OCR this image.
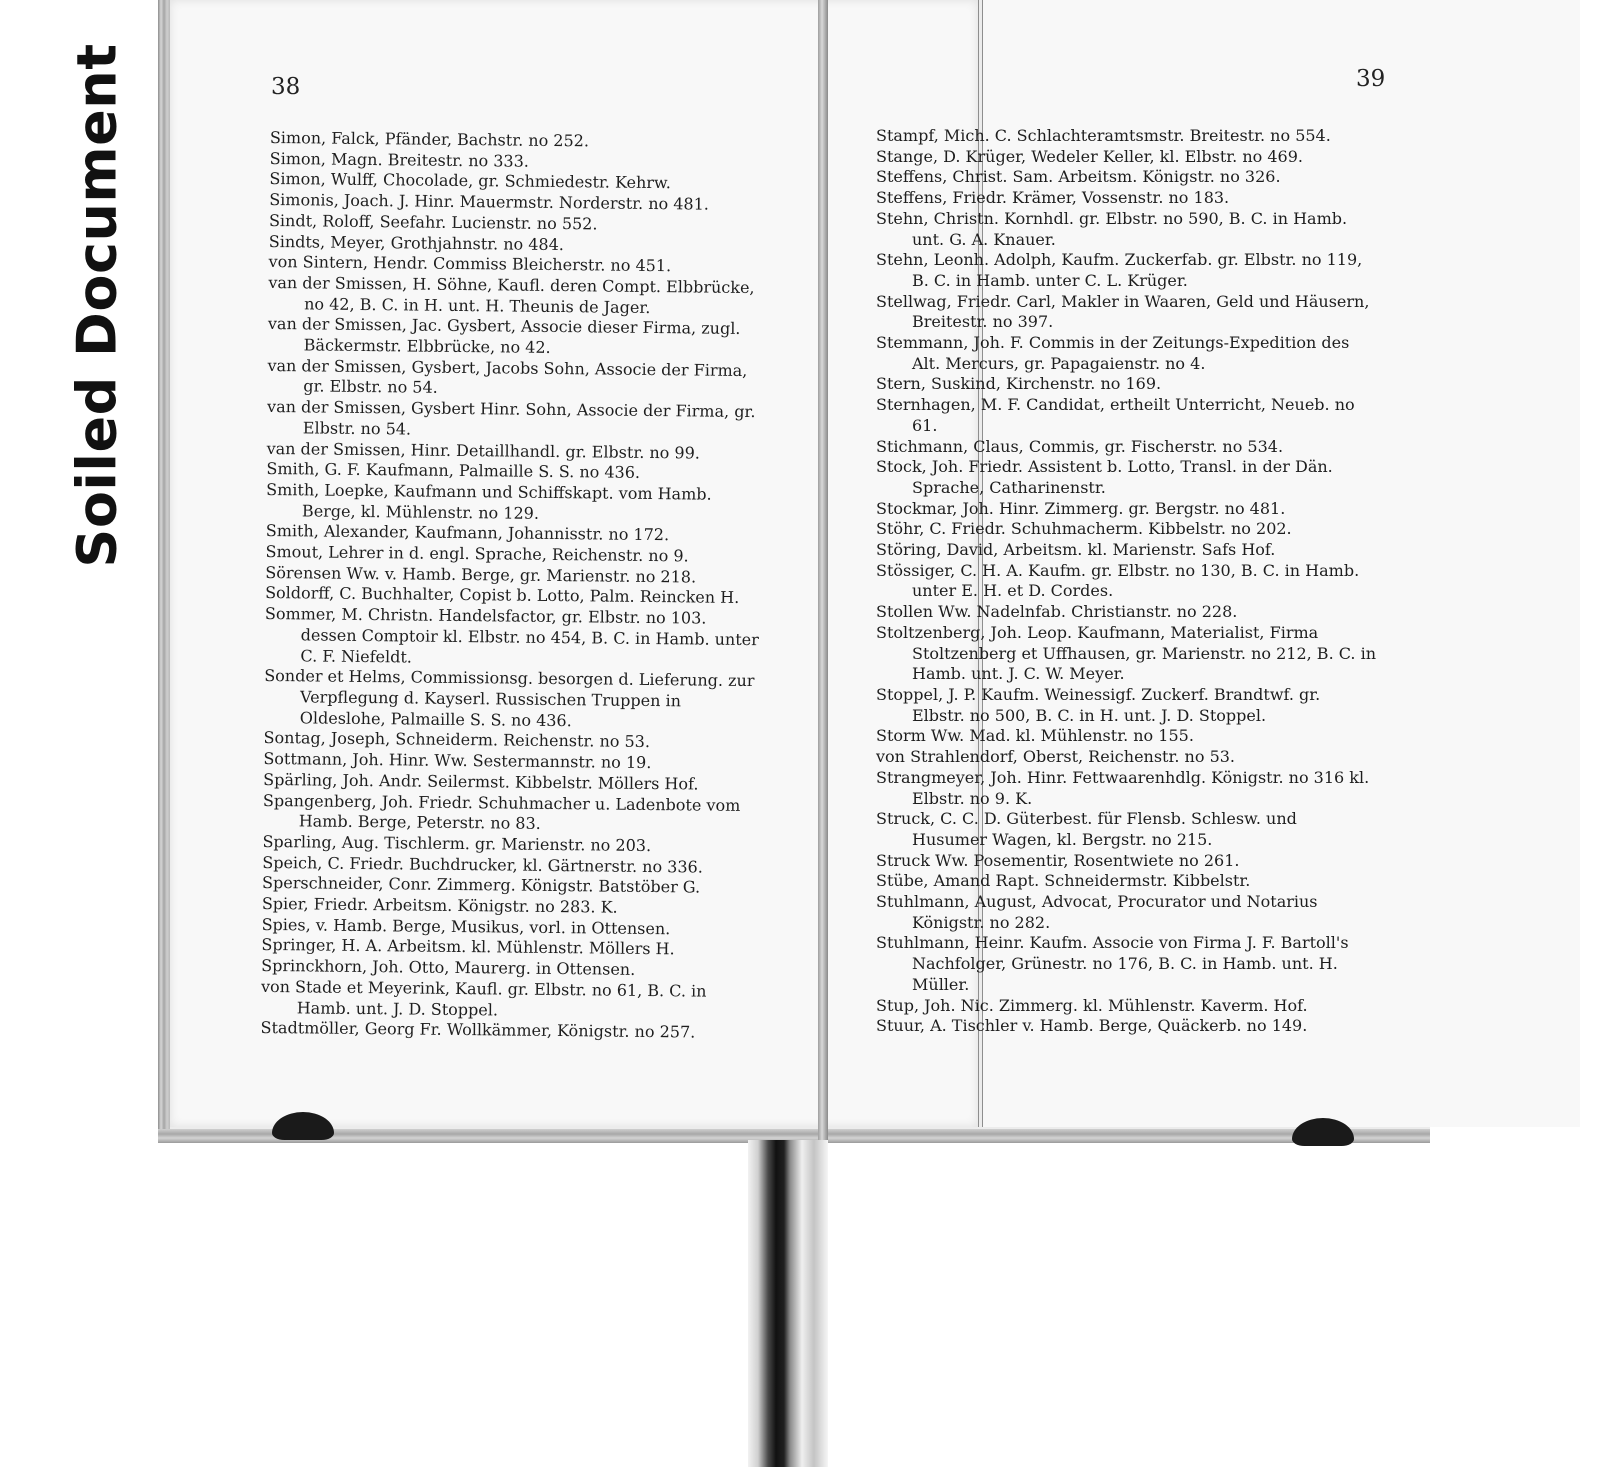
Soiled Document	38	39
Simon, Falck, Pfänder, Bachstr. no 252.
Simon, Magn. Breitestr. no 333.
Simon, Wulff, Chocolade, gr. Schmiedestr. Kehrw.
Simonis, Joach. J. Hinr. Mauermstr. Norderstr. no 481.
Sindt, Roloff, Seefahr. Lucienstr. no 552.
Sindts, Meyer, Grothjahnstr. no 484.
von Sintern, Hendr. Commiss Bleicherstr. no 451.
van der Smissen, H. Söhne, Kaufl. deren Compt. Elbbrücke, no 42, B. C. in H. unt. H. Theunis de Jager.
van der Smissen, Jac. Gysbert, Associe dieser Firma, zugl. Bäckermstr. Elbbrücke, no 42.
van der Smissen, Gysbert, Jacobs Sohn, Associe der Firma, gr. Elbstr. no 54.
van der Smissen, Gysbert Hinr. Sohn, Associe der Firma, gr. Elbstr. no 54.
van der Smissen, Hinr. Detaillhandl. gr. Elbstr. no 99.
Smith, G. F. Kaufmann, Palmaille S. S. no 436.
Smith, Loepke, Kaufmann und Schiffskapt. vom Hamb. Berge, kl. Mühlenstr. no 129.
Smith, Alexander, Kaufmann, Johannisstr. no 172.
Smout, Lehrer in d. engl. Sprache, Reichenstr. no 9.
Sörensen Ww. v. Hamb. Berge, gr. Marienstr. no 218.
Soldorff, C. Buchhalter, Copist b. Lotto, Palm. Reincken H.
Sommer, M. Christn. Handelsfactor, gr. Elbstr. no 103. dessen Comptoir kl. Elbstr. no 454, B. C. in Hamb. unter C. F. Niefeldt.
Sonder et Helms, Commissionsg. besorgen d. Lieferung. zur Verpflegung d. Kayserl. Russischen Truppen in Oldeslohe, Palmaille S. S. no 436.
Sontag, Joseph, Schneiderm. Reichenstr. no 53.
Sottmann, Joh. Hinr. Ww. Sestermannstr. no 19.
Spärling, Joh. Andr. Seilermst. Kibbelstr. Möllers Hof.
Spangenberg, Joh. Friedr. Schuhmacher u. Ladenbote vom Hamb. Berge, Peterstr. no 83.
Sparling, Aug. Tischlerm. gr. Marienstr. no 203.
Speich, C. Friedr. Buchdrucker, kl. Gärtnerstr. no 336.
Sperschneider, Conr. Zimmerg. Königstr. Batstöber G.
Spier, Friedr. Arbeitsm. Königstr. no 283. K.
Spies, v. Hamb. Berge, Musikus, vorl. in Ottensen.
Springer, H. A. Arbeitsm. kl. Mühlenstr. Möllers H.
Sprinckhorn, Joh. Otto, Maurerg. in Ottensen.
von Stade et Meyerink, Kaufl. gr. Elbstr. no 61, B. C. in Hamb. unt. J. D. Stoppel.
Stadtmöller, Georg Fr. Wollkämmer, Königstr. no 257.
Stampf, Mich. C. Schlachteramtsmstr. Breitestr. no 554.
Stange, D. Krüger, Wedeler Keller, kl. Elbstr. no 469.
Steffens, Christ. Sam. Arbeitsm. Königstr. no 326.
Steffens, Friedr. Krämer, Vossenstr. no 183.
Stehn, Christn. Kornhdl. gr. Elbstr. no 590, B. C. in Hamb. unt. G. A. Knauer.
Stehn, Leonh. Adolph, Kaufm. Zuckerfab. gr. Elbstr. no 119, B. C. in Hamb. unter C. L. Krüger.
Stellwag, Friedr. Carl, Makler in Waaren, Geld und Häusern, Breitestr. no 397.
Stemmann, Joh. F. Commis in der Zeitungs-Expedition des Alt. Mercurs, gr. Papagaienstr. no 4.
Stern, Suskind, Kirchenstr. no 169.
Sternhagen, M. F. Candidat, ertheilt Unterricht, Neueb. no 61.
Stichmann, Claus, Commis, gr. Fischerstr. no 534.
Stock, Joh. Friedr. Assistent b. Lotto, Transl. in der Dän. Sprache, Catharinenstr.
Stockmar, Joh. Hinr. Zimmerg. gr. Bergstr. no 481.
Stöhr, C. Friedr. Schuhmacherm. Kibbelstr. no 202.
Störing, David, Arbeitsm. kl. Marienstr. Safs Hof.
Stössiger, C. H. A. Kaufm. gr. Elbstr. no 130, B. C. in Hamb. unter E. H. et D. Cordes.
Stollen Ww. Nadelnfab. Christianstr. no 228.
Stoltzenberg, Joh. Leop. Kaufmann, Materialist, Firma Stoltzenberg et Uffhausen, gr. Marienstr. no 212, B. C. in Hamb. unt. J. C. W. Meyer.
Stoppel, J. P. Kaufm. Weinessigf. Zuckerf. Brandtwf. gr. Elbstr. no 500, B. C. in H. unt. J. D. Stoppel.
Storm Ww. Mad. kl. Mühlenstr. no 155.
von Strahlendorf, Oberst, Reichenstr. no 53.
Strangmeyer, Joh. Hinr. Fettwaarenhdlg. Königstr. no 316 kl. Elbstr. no 9. K.
Struck, C. C. D. Güterbest. für Flensb. Schlesw. und Husumer Wagen, kl. Bergstr. no 215.
Struck Ww. Posementir, Rosentwiete no 261.
Stübe, Amand Rapt. Schneidermstr. Kibbelstr.
Stuhlmann, August, Advocat, Procurator und Notarius Königstr. no 282.
Stuhlmann, Heinr. Kaufm. Associe von Firma J. F. Bartoll's Nachfolger, Grünestr. no 176, B. C. in Hamb. unt. H. Müller.
Stup, Joh. Nic. Zimmerg. kl. Mühlenstr. Kaverm. Hof.
Stuur, A. Tischler v. Hamb. Berge, Quäckerb. no 149.
